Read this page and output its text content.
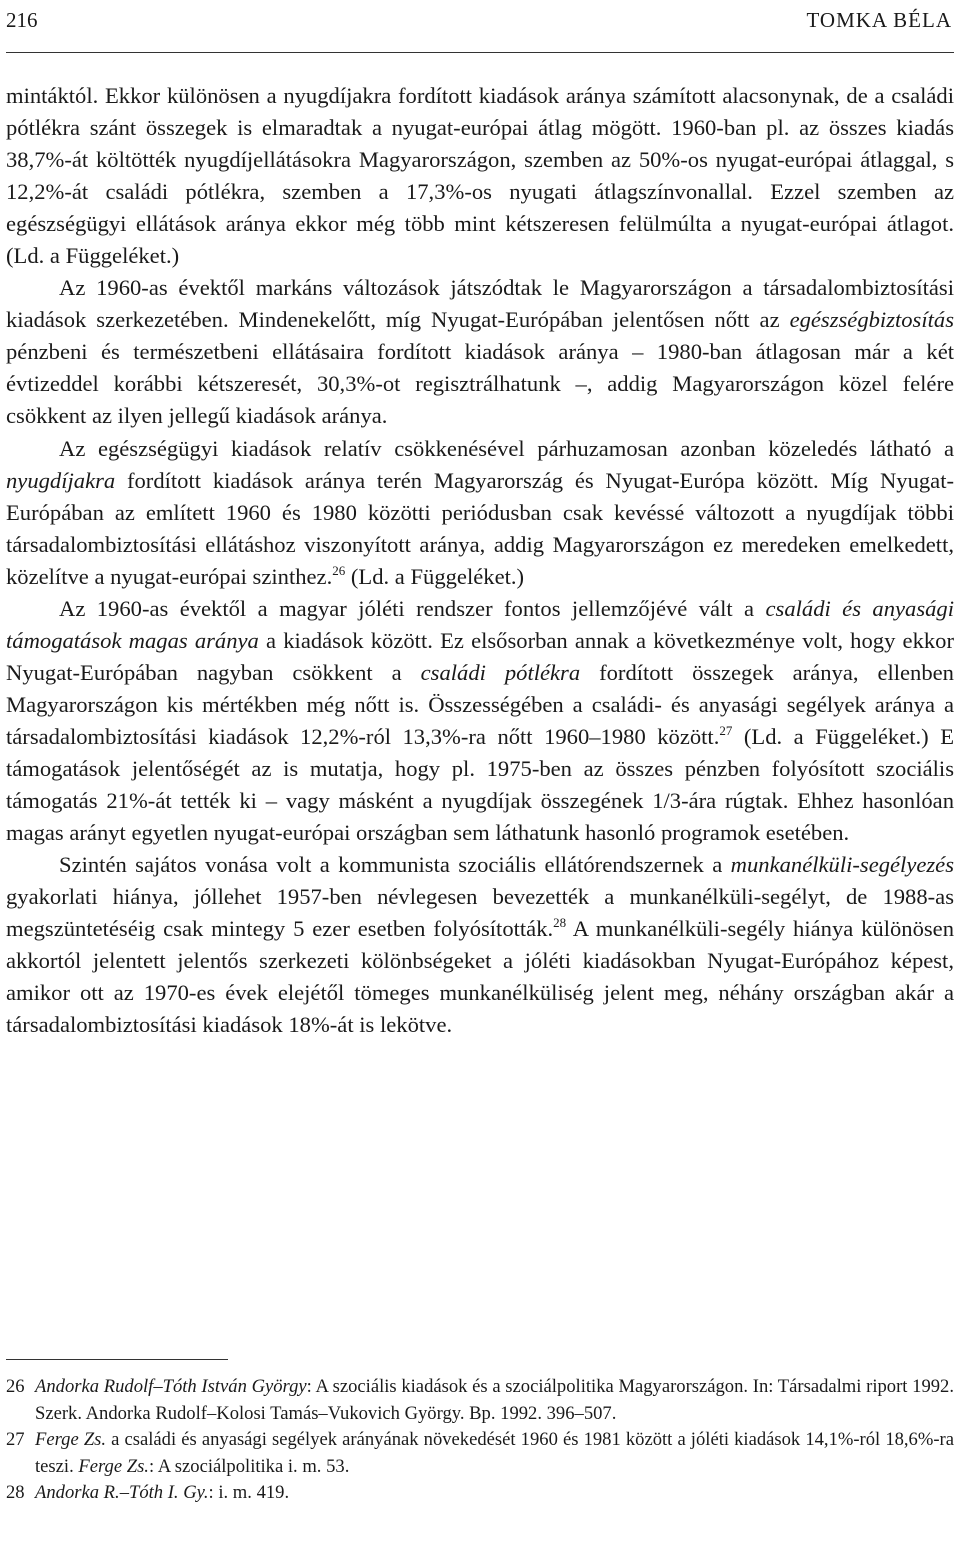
216	TOMKA BÉLA

mintáktól. Ekkor különösen a nyugdíjakra fordított kiadások aránya számított alacsonynak, de a családi pótlékra szánt összegek is elmaradtak a nyugat-európai átlag mögött. 1960-ban pl. az összes kiadás 38,7%-át költötték nyugdíjellátásokra Magyarországon, szemben az 50%-os nyugat-európai átlaggal, s 12,2%-át családi pótlékra, szemben a 17,3%-os nyugati átlagszínvonallal. Ezzel szemben az egészségügyi ellátások aránya ekkor még több mint kétszeresen felülmúlta a nyugat-európai átlagot. (Ld. a Függeléket.)

Az 1960-as évektől markáns változások játszódtak le Magyarországon a társadalombiztosítási kiadások szerkezetében. Mindenekelőtt, míg Nyugat-Európában jelentősen nőtt az egészségbiztosítás pénzbeni és természetbeni ellátásaira fordított kiadások aránya – 1980-ban átlagosan már a két évtizeddel korábbi kétszeresét, 30,3%-ot regisztrálhatunk –, addig Magyarországon közel felére csökkent az ilyen jellegű kiadások aránya.

Az egészségügyi kiadások relatív csökkenésével párhuzamosan azonban közeledés látható a nyugdíjakra fordított kiadások aránya terén Magyarország és Nyugat-Európa között. Míg Nyugat-Európában az említett 1960 és 1980 közötti periódusban csak kevéssé változott a nyugdíjak többi társadalombiztosítási ellátáshoz viszonyított aránya, addig Magyarországon ez meredeken emelkedett, közelítve a nyugat-európai szinthez.$^{26}$ (Ld. a Függeléket.)

Az 1960-as évektől a magyar jóléti rendszer fontos jellemzőjévé vált a családi és anyasági támogatások magas aránya a kiadások között. Ez elsősorban annak a következménye volt, hogy ekkor Nyugat-Európában nagyban csökkent a családi pótlékra fordított összegek aránya, ellenben Magyarországon kis mértékben még nőtt is. Összességében a családi- és anyasági segélyek aránya a társadalombiztosítási kiadások 12,2%-ról 13,3%-ra nőtt 1960–1980 között.$^{27}$ (Ld. a Függeléket.) E támogatások jelentőségét az is mutatja, hogy pl. 1975-ben az összes pénzben folyósított szociális támogatás 21%-át tették ki – vagy másként a nyugdíjak összegének 1/3-ára rúgtak. Ehhez hasonlóan magas arányt egyetlen nyugat-európai országban sem láthatunk hasonló programok esetében.

Szintén sajátos vonása volt a kommunista szociális ellátórendszernek a munkanélküli-segélyezés gyakorlati hiánya, jóllehet 1957-ben névlegesen bevezették a munkanélküli-segélyt, de 1988-as megszüntetéséig csak mintegy 5 ezer esetben folyósították.$^{28}$ A munkanélküli-segély hiánya különösen akkortól jelentett jelentős szerkezeti kölönbségeket a jóléti kiadásokban Nyugat-Európához képest, amikor ott az 1970-es évek elejétől tömeges munkanélküliség jelent meg, néhány országban akár a társadalombiztosítási kiadások 18%-át is lekötve.

26 Andorka Rudolf–Tóth István György: A szociális kiadások és a szociálpolitika Magyarországon. In: Társadalmi riport 1992. Szerk. Andorka Rudolf–Kolosi Tamás–Vukovich György. Bp. 1992. 396–507.
27 Ferge Zs. a családi és anyasági segélyek arányának növekedését 1960 és 1981 között a jóléti kiadások 14,1%-ról 18,6%-ra teszi. Ferge Zs.: A szociálpolitika i. m. 53.
28 Andorka R.–Tóth I. Gy.: i. m. 419.
